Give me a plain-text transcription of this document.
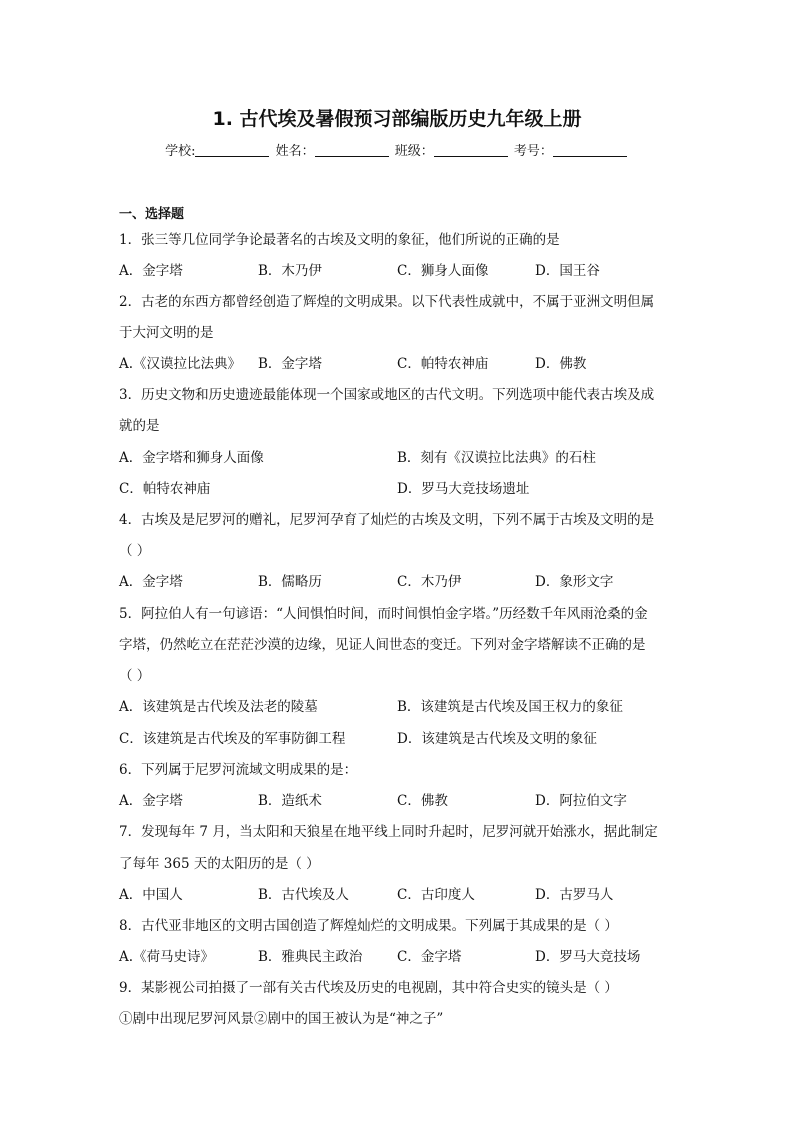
1. 古代埃及暑假预习部编版历史九年级上册
学校:	姓名：	班级：	考号：
一、选择题
1．张三等几位同学争论最著名的古埃及文明的象征，他们所说的正确的是
A．金字塔	B．木乃伊	C．狮身人面像	D．国王谷
2．古老的东西方都曾经创造了辉煌的文明成果。以下代表性成就中，不属于亚洲文明但属
于大河文明的是
A.《汉谟拉比法典》 B．金字塔	C．帕特农神庙	D．佛教
3．历史文物和历史遗迹最能体现一个国家或地区的古代文明。下列选项中能代表古埃及成
就的是
A．金字塔和狮身人面像	B．刻有《汉谟拉比法典》的石柱
C．帕特农神庙	D．罗马大竞技场遗址
4．古埃及是尼罗河的赠礼，尼罗河孕育了灿烂的古埃及文明，下列不属于古埃及文明的是
（ ）
A．金字塔	B．儒略历	C．木乃伊	D．象形文字
5．阿拉伯人有一句谚语：“人间惧怕时间，而时间惧怕金字塔。”历经数千年风雨沧桑的金
字塔，仍然屹立在茫茫沙漠的边缘，见证人间世态的变迁。下列对金字塔解读不正确的是
（ ）
A．该建筑是古代埃及法老的陵墓	B．该建筑是古代埃及国王权力的象征
C．该建筑是古代埃及的军事防御工程	D．该建筑是古代埃及文明的象征
6．下列属于尼罗河流域文明成果的是：
A．金字塔	B．造纸术	C．佛教	D．阿拉伯文字
7．发现每年 7 月，当太阳和天狼星在地平线上同时升起时，尼罗河就开始涨水，据此制定
了每年 365 天的太阳历的是（ ）
A．中国人	B．古代埃及人	C．古印度人	D．古罗马人
8．古代亚非地区的文明古国创造了辉煌灿烂的文明成果。下列属于其成果的是（ ）
A.《荷马史诗》	B．雅典民主政治	C．金字塔	D．罗马大竞技场
9．某影视公司拍摄了一部有关古代埃及历史的电视剧，其中符合史实的镜头是（ ）
①剧中出现尼罗河风景②剧中的国王被认为是“神之子”
